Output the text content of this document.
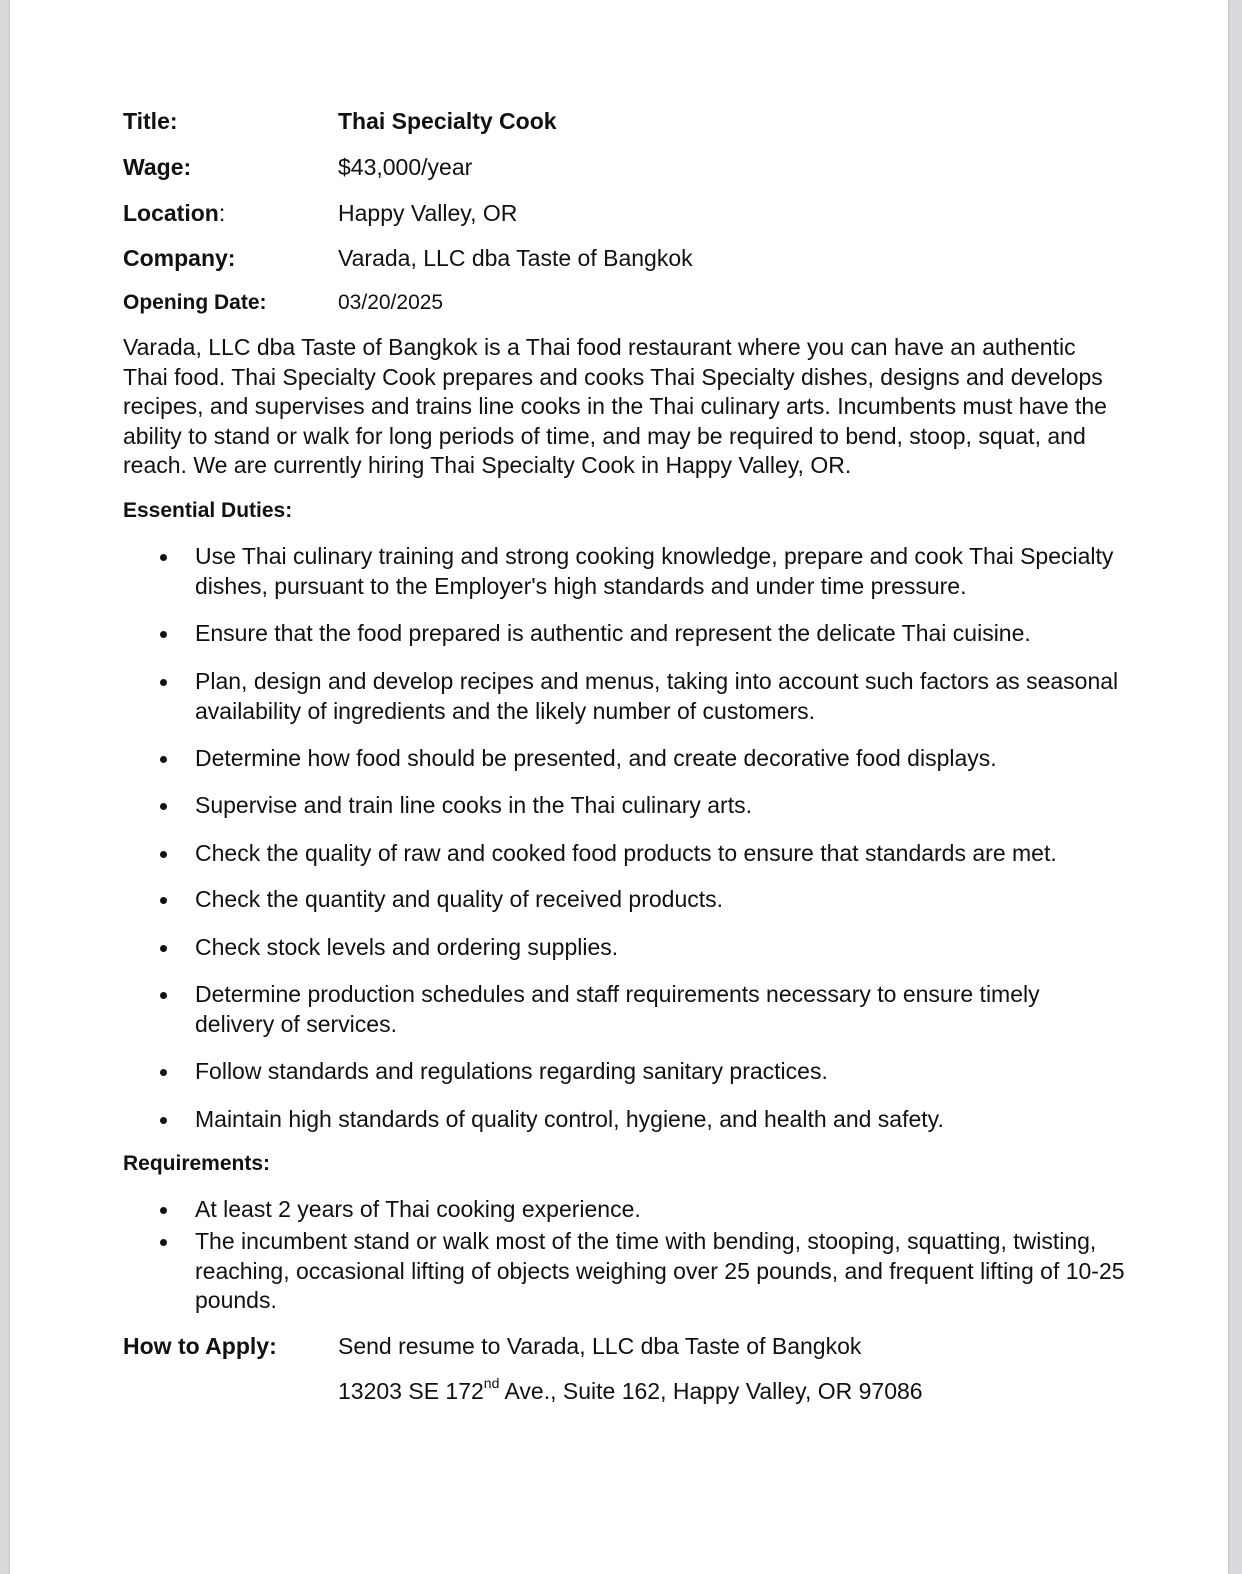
Title:	Thai Specialty Cook
Wage:	$43,000/year
Location:	Happy Valley, OR
Company:	Varada, LLC dba Taste of Bangkok
Opening Date:	03/20/2025
Varada, LLC dba Taste of Bangkok is a Thai food restaurant where you can have an authentic Thai food. Thai Specialty Cook prepares and cooks Thai Specialty dishes, designs and develops recipes, and supervises and trains line cooks in the Thai culinary arts. Incumbents must have the ability to stand or walk for long periods of time, and may be required to bend, stoop, squat, and reach. We are currently hiring Thai Specialty Cook in Happy Valley, OR.
Essential Duties:
Use Thai culinary training and strong cooking knowledge, prepare and cook Thai Specialty dishes, pursuant to the Employer's high standards and under time pressure.
Ensure that the food prepared is authentic and represent the delicate Thai cuisine.
Plan, design and develop recipes and menus, taking into account such factors as seasonal availability of ingredients and the likely number of customers.
Determine how food should be presented, and create decorative food displays.
Supervise and train line cooks in the Thai culinary arts.
Check the quality of raw and cooked food products to ensure that standards are met.
Check the quantity and quality of received products.
Check stock levels and ordering supplies.
Determine production schedules and staff requirements necessary to ensure timely delivery of services.
Follow standards and regulations regarding sanitary practices.
Maintain high standards of quality control, hygiene, and health and safety.
Requirements:
At least 2 years of Thai cooking experience.
The incumbent stand or walk most of the time with bending, stooping, squatting, twisting, reaching, occasional lifting of objects weighing over 25 pounds, and frequent lifting of 10-25 pounds.
How to Apply:	Send resume to Varada, LLC dba Taste of Bangkok
13203 SE 172nd Ave., Suite 162, Happy Valley, OR 97086
